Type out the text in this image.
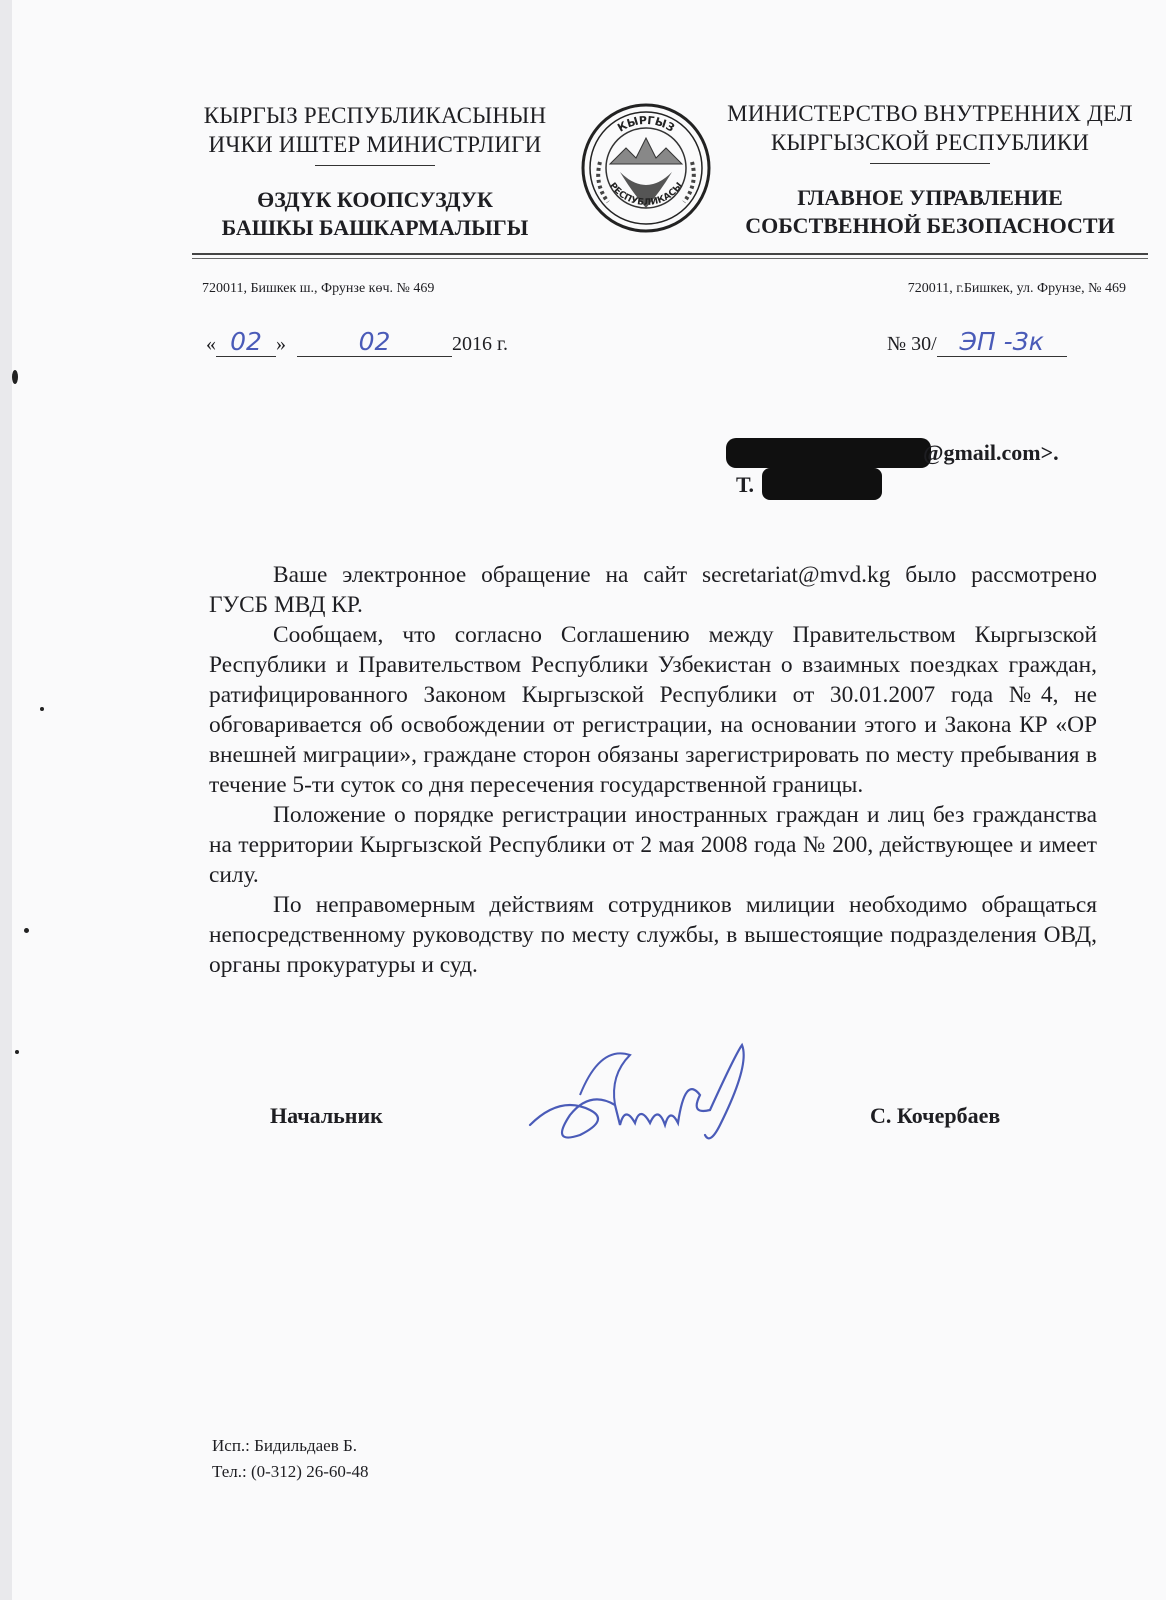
КЫРГЫЗ РЕСПУБЛИКАСЫНЫН
ИЧКИ ИШТЕР МИНИСТРЛИГИ
ӨЗДҮК КООПСУЗДУК
БАШКЫ БАШКАРМАЛЫГЫ
КЫРГЫЗ
РЕСПУБЛИКАСЫ
МИНИСТЕРСТВО ВНУТРЕННИХ ДЕЛ
КЫРГЫЗСКОЙ РЕСПУБЛИКИ
ГЛАВНОЕ УПРАВЛЕНИЕ
СОБСТВЕННОЙ БЕЗОПАСНОСТИ
720011, Бишкек ш., Фрунзе көч. № 469	720011, г.Бишкек, ул. Фрунзе, № 469
« 02 »	02	2016 г.	№ 30/ ЭП -Зк
@gmail.com>.
Т.

Ваше электронное обращение на сайт secretariat@mvd.kg было рассмотрено ГУСБ МВД КР.

Сообщаем, что согласно Соглашению между Правительством Кыргызской Республики и Правительством Республики Узбекистан о взаимных поездках граждан, ратифицированного Законом Кыргызской Республики от 30.01.2007 года №4, не обговаривается об освобождении от регистрации, на основании этого и Закона КР «ОР внешней миграции», граждане сторон обязаны зарегистрировать по месту пребывания в течение 5-ти суток со дня пересечения государственной границы.

Положение о порядке регистрации иностранных граждан и лиц без гражданства на территории Кыргызской Республики от 2 мая 2008 года № 200, действующее и имеет силу.

По неправомерным действиям сотрудников милиции необходимо обращаться непосредственному руководству по месту службы, в вышестоящие подразделения ОВД, органы прокуратуры и суд.

Начальник	С. Кочербаев
Исп.: Бидильдаев Б.
Тел.: (0-312) 26-60-48
